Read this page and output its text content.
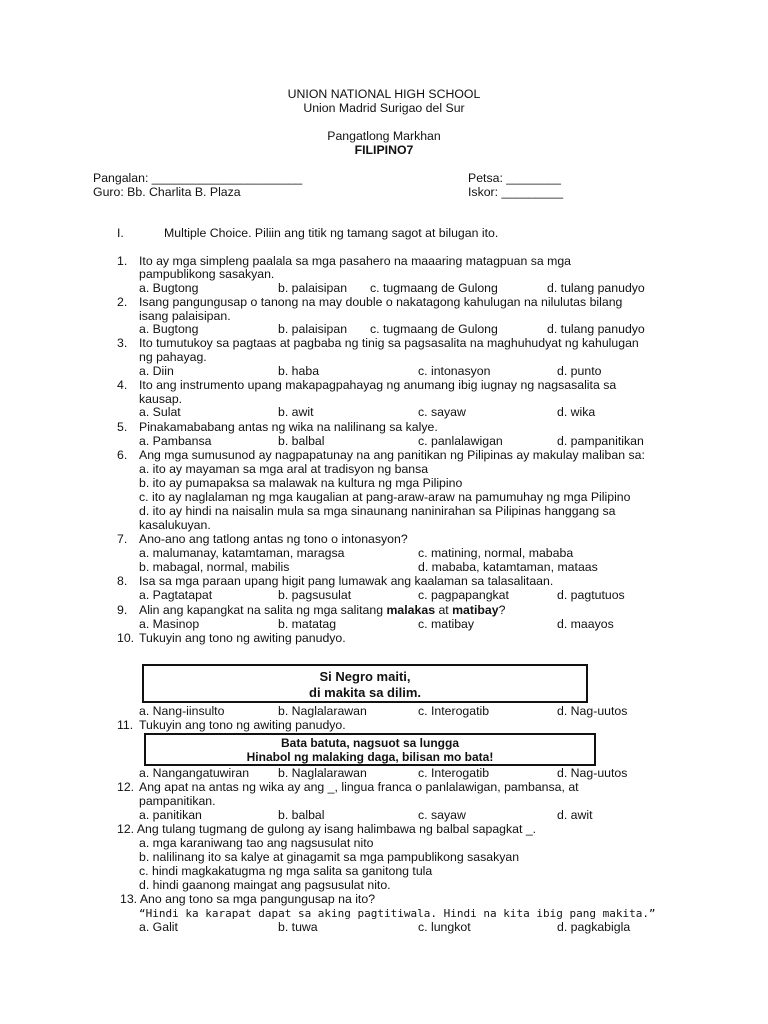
UNION NATIONAL HIGH SCHOOL
Union Madrid Surigao del Sur
Pangatlong Markhan
FILIPINO7
Pangalan: ______________________	Petsa: ________
Guro: Bb. Charlita B. Plaza	Iskor: _________
I.	Multiple Choice. Piliin ang titik ng tamang sagot at bilugan ito.
1. Ito ay mga simpleng paalala sa mga pasahero na maaaring matagpuan sa mga
pampublikong sasakyan.
a. Bugtong	b. palaisipan c. tugmaang de Gulong	d. tulang panudyo
2. Isang pangungusap o tanong na may double o nakatagong kahulugan na nilulutas bilang
isang palaisipan.
a. Bugtong	b. palaisipan c. tugmaang de Gulong	d. tulang panudyo
3. Ito tumutukoy sa pagtaas at pagbaba ng tinig sa pagsasalita na maghuhudyat ng kahulugan
ng pahayag.
a. Diin	b. haba	c. intonasyon	d. punto
4. Ito ang instrumento upang makapagpahayag ng anumang ibig iugnay ng nagsasalita sa
kausap.
a. Sulat	b. awit	c. sayaw	d. wika
5. Pinakamababang antas ng wika na nalilinang sa kalye.
a. Pambansa	b. balbal	c. panlalawigan	d. pampanitikan
6. Ang mga sumusunod ay nagpapatunay na ang panitikan ng Pilipinas ay makulay maliban sa:
a. ito ay mayaman sa mga aral at tradisyon ng bansa
b. ito ay pumapaksa sa malawak na kultura ng mga Pilipino
c. ito ay naglalaman ng mga kaugalian at pang-araw-araw na pamumuhay ng mga Pilipino
d. ito ay hindi na naisalin mula sa mga sinaunang naninirahan sa Pilipinas hanggang sa
kasalukuyan.
7. Ano-ano ang tatlong antas ng tono o intonasyon?
a. malumanay, katamtaman, maragsa	c. matining, normal, mababa
b. mabagal, normal, mabilis	d. mababa, katamtaman, mataas
8. Isa sa mga paraan upang higit pang lumawak ang kaalaman sa talasalitaan.
a. Pagtatapat	b. pagsusulat	c. pagpapangkat	d. pagtutuos
9. Alin ang kapangkat na salita ng mga salitang malakas at matibay?
a. Masinop	b. matatag	c. matibay	d. maayos
10. Tukuyin ang tono ng awiting panudyo.
Si Negro maiti,
di makita sa dilim.
a. Nang-iinsulto	b. Naglalarawan	c. Interogatib	d. Nag-uutos
11. Tukuyin ang tono ng awiting panudyo.
Bata batuta, nagsuot sa lungga
Hinabol ng malaking daga, bilisan mo bata!
a. Nangangatuwiran b. Naglalarawan	c. Interogatib	d. Nag-uutos
12. Ang apat na antas ng wika ay ang _, lingua franca o panlalawigan, pambansa, at
pampanitikan.
a. panitikan	b. balbal	c. sayaw	d. awit
12. Ang tulang tugmang de gulong ay isang halimbawa ng balbal sapagkat _.
a. mga karaniwang tao ang nagsusulat nito
b. nalilinang ito sa kalye at ginagamit sa mga pampublikong sasakyan
c. hindi magkakatugma ng mga salita sa ganitong tula
d. hindi gaanong maingat ang pagsusulat nito.
13. Ano ang tono sa mga pangungusap na ito?
“Hindi ka karapat dapat sa aking pagtitiwala. Hindi na kita ibig pang makita.”
a. Galit	b. tuwa	c. lungkot	d. pagkabigla
